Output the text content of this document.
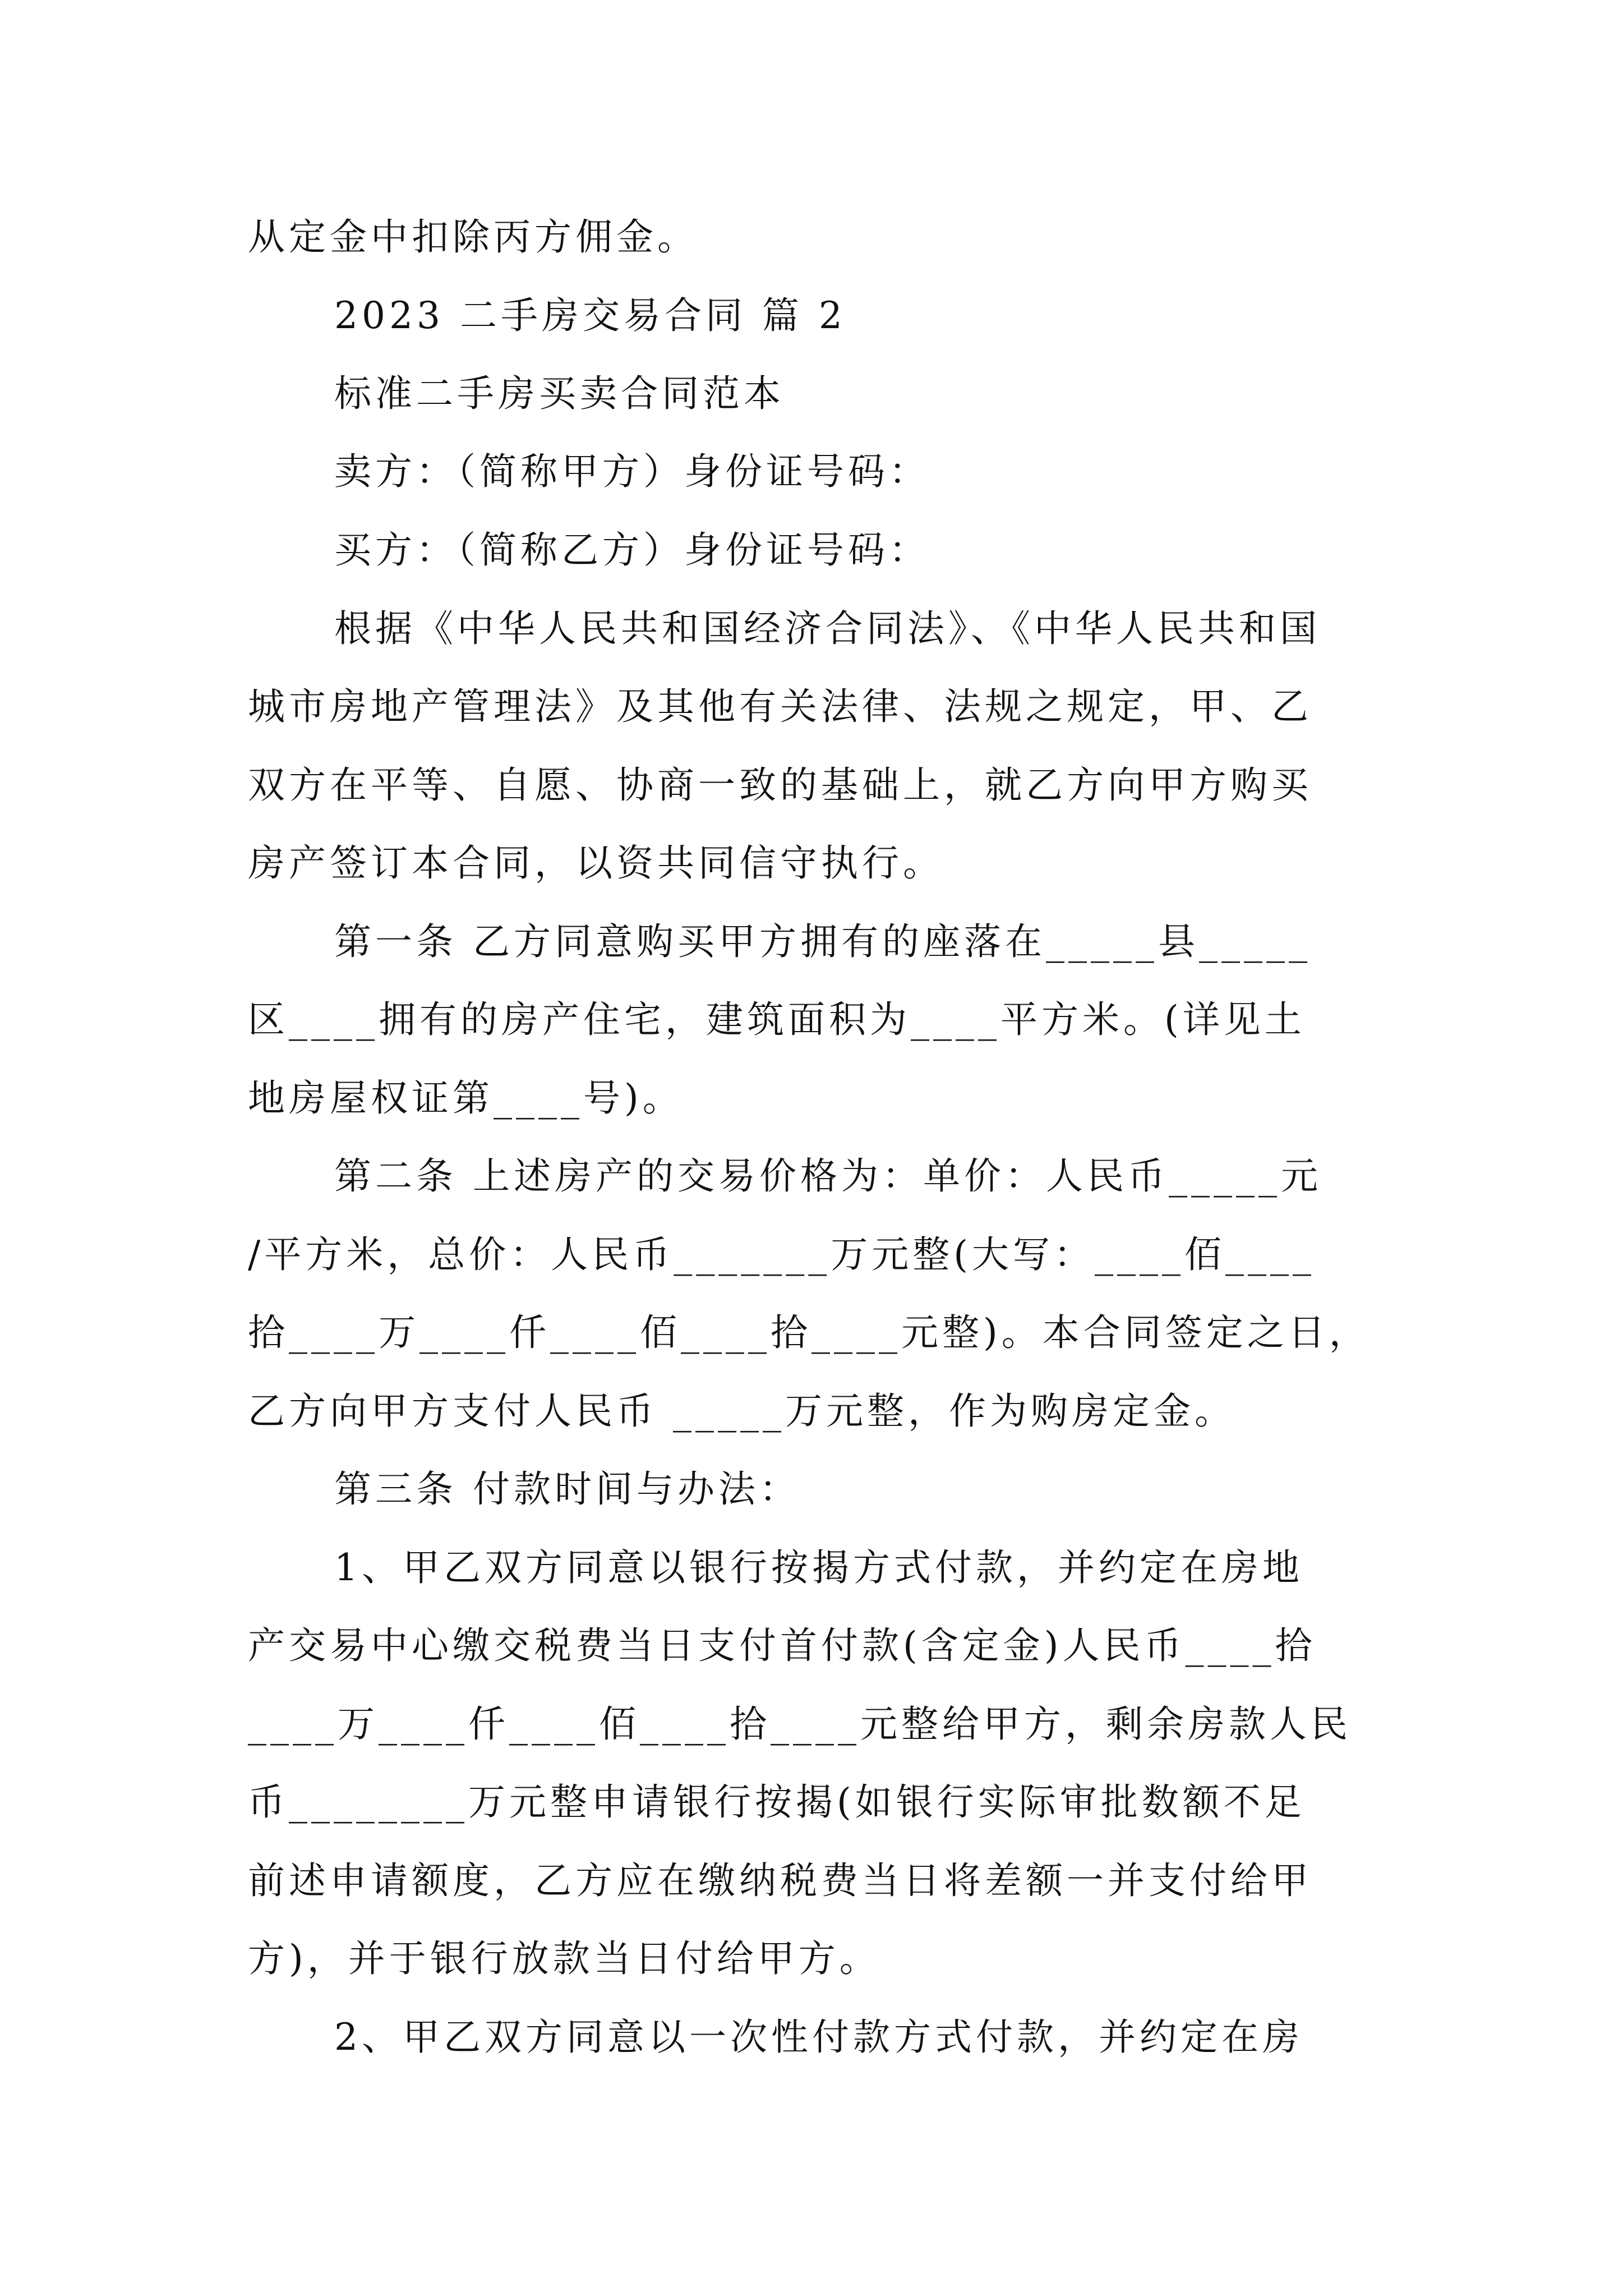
从定金中扣除丙方佣金。
2023 二手房交易合同 篇 2
标准二手房买卖合同范本
卖方：（简称甲方）身份证号码：
买方：（简称乙方）身份证号码：
根据《中华人民共和国经济合同法》、《中华人民共和国
城市房地产管理法》及其他有关法律、法规之规定，甲、乙
双方在平等、自愿、协商一致的基础上，就乙方向甲方购买
房产签订本合同，以资共同信守执行。
第一条 乙方同意购买甲方拥有的座落在_____县_____
区____拥有的房产住宅，建筑面积为____平方米。(详见土
地房屋权证第____号)。
第二条 上述房产的交易价格为：单价：人民币_____元
/平方米，总价：人民币_______万元整(大写：____佰____
拾____万____仟____佰____拾____元整)。本合同签定之日，
乙方向甲方支付人民币 _____万元整，作为购房定金。
第三条 付款时间与办法：
1、甲乙双方同意以银行按揭方式付款，并约定在房地
产交易中心缴交税费当日支付首付款(含定金)人民币____拾
____万____仟____佰____拾____元整给甲方，剩余房款人民
币________万元整申请银行按揭(如银行实际审批数额不足
前述申请额度，乙方应在缴纳税费当日将差额一并支付给甲
方)，并于银行放款当日付给甲方。
2、甲乙双方同意以一次性付款方式付款，并约定在房
